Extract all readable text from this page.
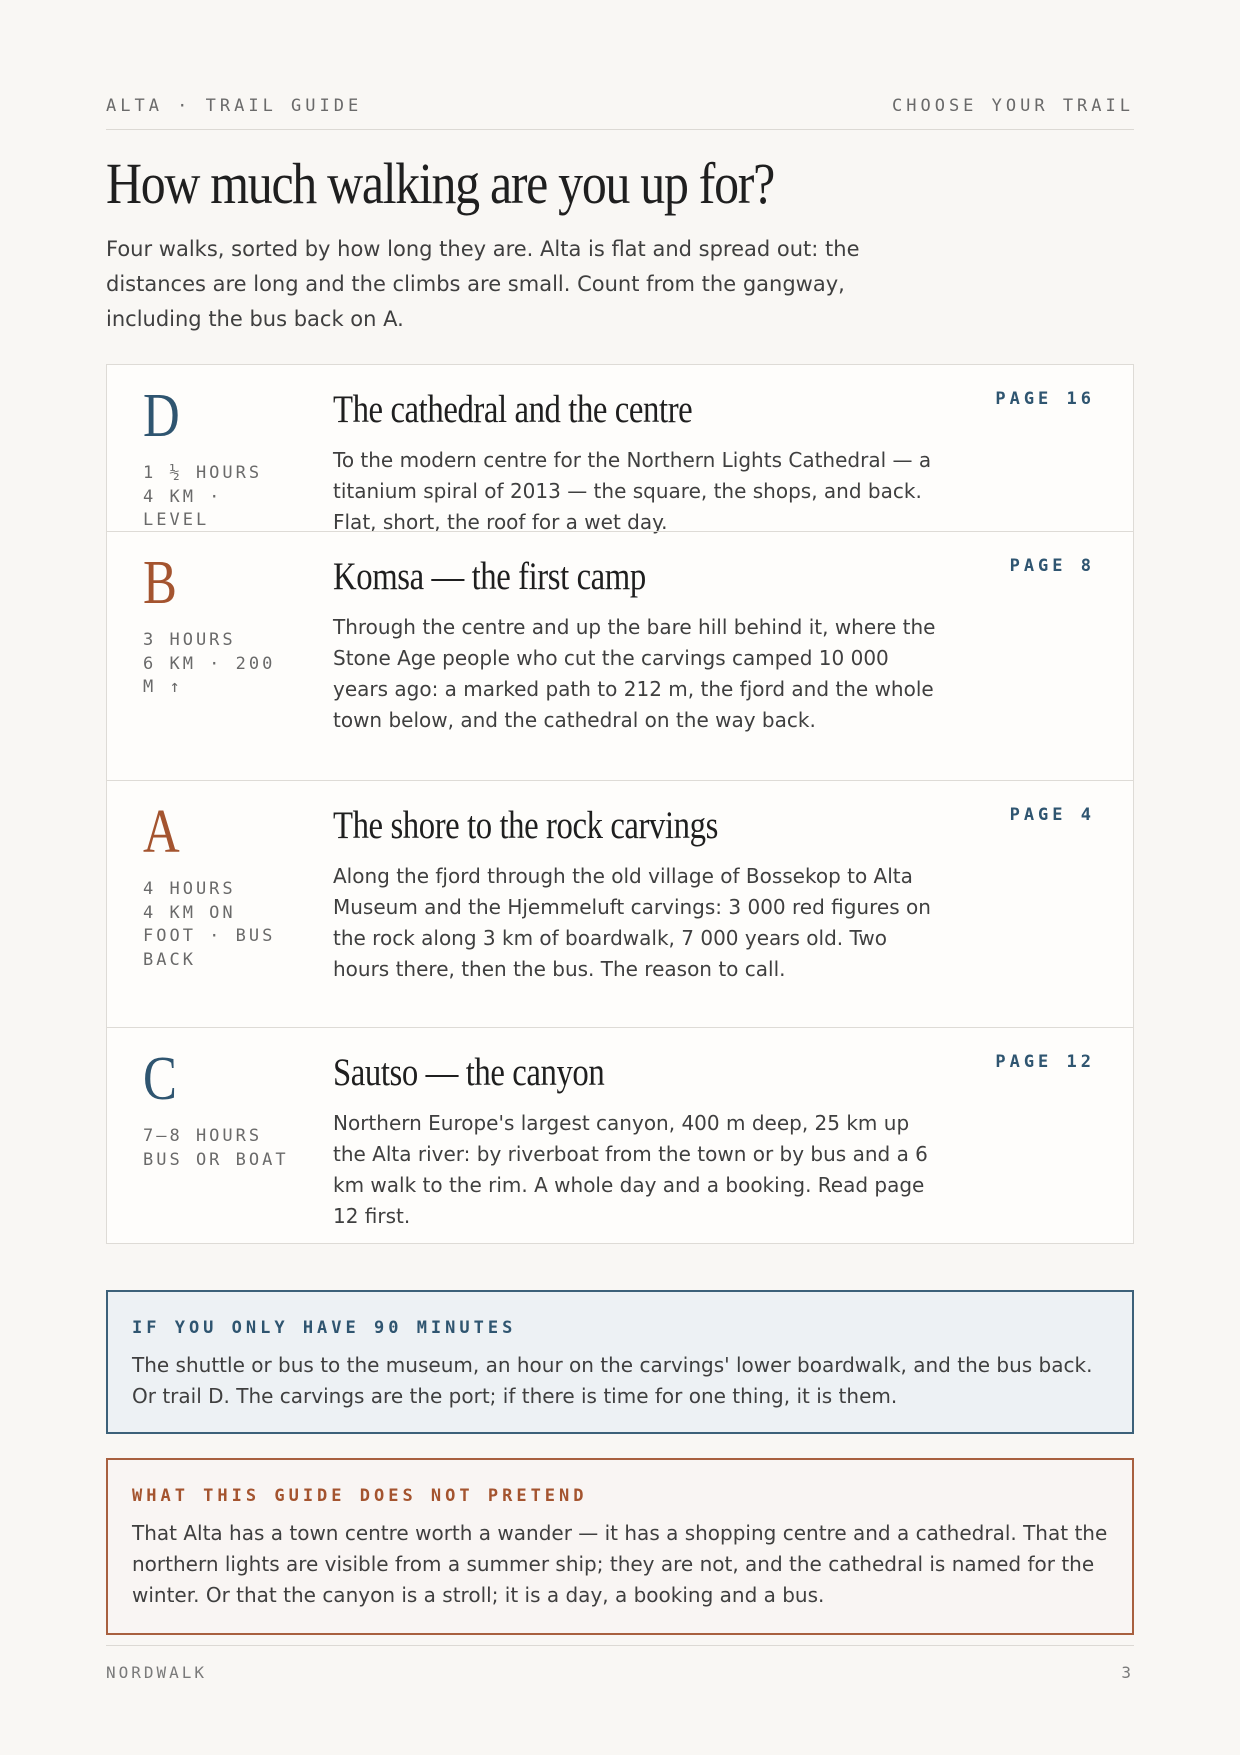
ALTA · TRAIL GUIDE	CHOOSE YOUR TRAIL
How much walking are you up for?

Four walks, sorted by how long they are. Alta is flat and spread out: the distances are long and the climbs are small. Count from the gangway, including the bus back on A.

D

1 ½ HOURS
4 KM ·
LEVEL

The cathedral and the centre

To the modern centre for the Northern Lights Cathedral — a titanium spiral of 2013 — the square, the shops, and back. Flat, short, the roof for a wet day.

PAGE 16
B

3 HOURS
6 KM · 200
M ↑

Komsa — the first camp

Through the centre and up the bare hill behind it, where the Stone Age people who cut the carvings camped 10 000 years ago: a marked path to 212 m, the fjord and the whole town below, and the cathedral on the way back.

PAGE 8
A

4 HOURS
4 KM ON
FOOT · BUS
BACK

The shore to the rock carvings

Along the fjord through the old village of Bossekop to Alta Museum and the Hjemmeluft carvings: 3 000 red figures on the rock along 3 km of boardwalk, 7 000 years old. Two hours there, then the bus. The reason to call.

PAGE 4
C

7–8 HOURS
BUS OR BOAT

Sautso — the canyon

Northern Europe's largest canyon, 400 m deep, 25 km up the Alta river: by riverboat from the town or by bus and a 6 km walk to the rim. A whole day and a booking. Read page 12 first.

PAGE 12

IF YOU ONLY HAVE 90 MINUTES

The shuttle or bus to the museum, an hour on the carvings' lower boardwalk, and the bus back. Or trail D. The carvings are the port; if there is time for one thing, it is them.

WHAT THIS GUIDE DOES NOT PRETEND

That Alta has a town centre worth a wander — it has a shopping centre and a cathedral. That the northern lights are visible from a summer ship; they are not, and the cathedral is named for the winter. Or that the canyon is a stroll; it is a day, a booking and a bus.

NORDWALK	3
